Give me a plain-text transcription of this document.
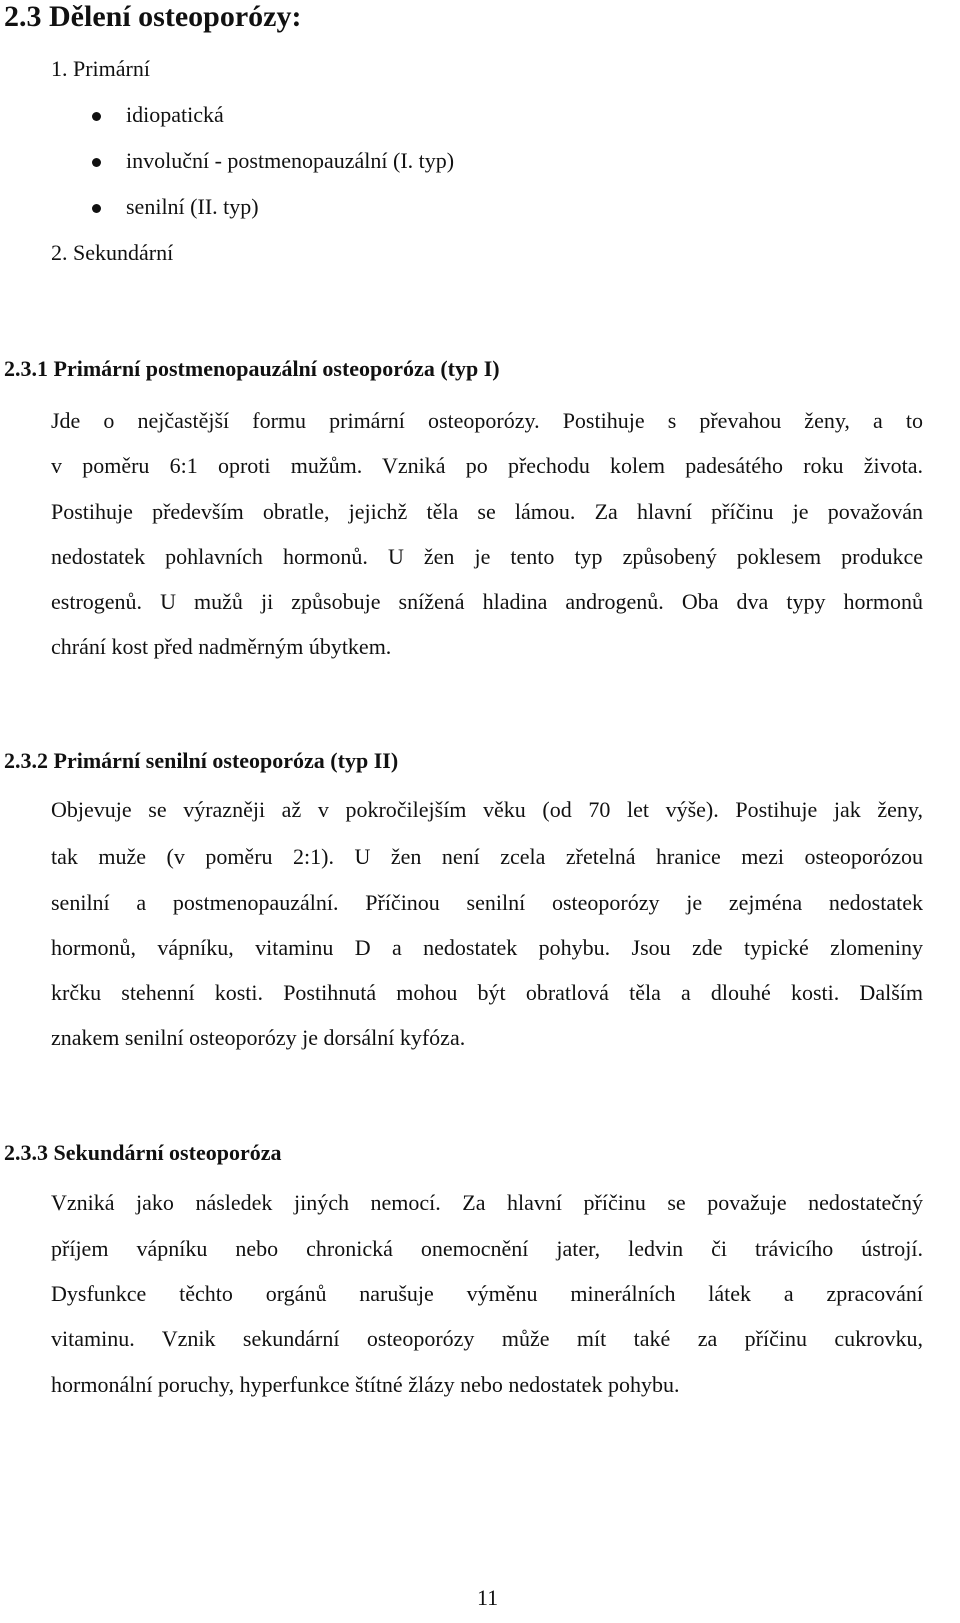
2.3 Dělení osteoporózy:
1. Primární
idiopatická
involuční - postmenopauzální (I. typ)
senilní (II. typ)
2. Sekundární
2.3.1 Primární postmenopauzální osteoporóza (typ I)
Jde o nejčastější formu primární osteoporózy. Postihuje s převahou ženy, a to
v poměru 6:1 oproti mužům. Vzniká po přechodu kolem padesátého roku života.
Postihuje především obratle, jejichž těla se lámou. Za hlavní příčinu je považován
nedostatek pohlavních hormonů. U žen je tento typ způsobený poklesem produkce
estrogenů. U mužů ji způsobuje snížená hladina androgenů. Oba dva typy hormonů
chrání kost před nadměrným úbytkem.
2.3.2 Primární senilní osteoporóza (typ II)
Objevuje se výrazněji až v pokročilejším věku (od 70 let výše). Postihuje jak ženy,
tak muže (v poměru 2:1). U žen není zcela zřetelná hranice mezi osteoporózou
senilní a postmenopauzální. Příčinou senilní osteoporózy je zejména nedostatek
hormonů, vápníku, vitaminu D a nedostatek pohybu. Jsou zde typické zlomeniny
krčku stehenní kosti. Postihnutá mohou být obratlová těla a dlouhé kosti. Dalším
znakem senilní osteoporózy je dorsální kyfóza.
2.3.3 Sekundární osteoporóza
Vzniká jako následek jiných nemocí. Za hlavní příčinu se považuje nedostatečný
příjem vápníku nebo chronická onemocnění jater, ledvin či trávicího ústrojí.
Dysfunkce těchto orgánů narušuje výměnu minerálních látek a zpracování
vitaminu. Vznik sekundární osteoporózy může mít také za příčinu cukrovku,
hormonální poruchy, hyperfunkce štítné žlázy nebo nedostatek pohybu.
11
